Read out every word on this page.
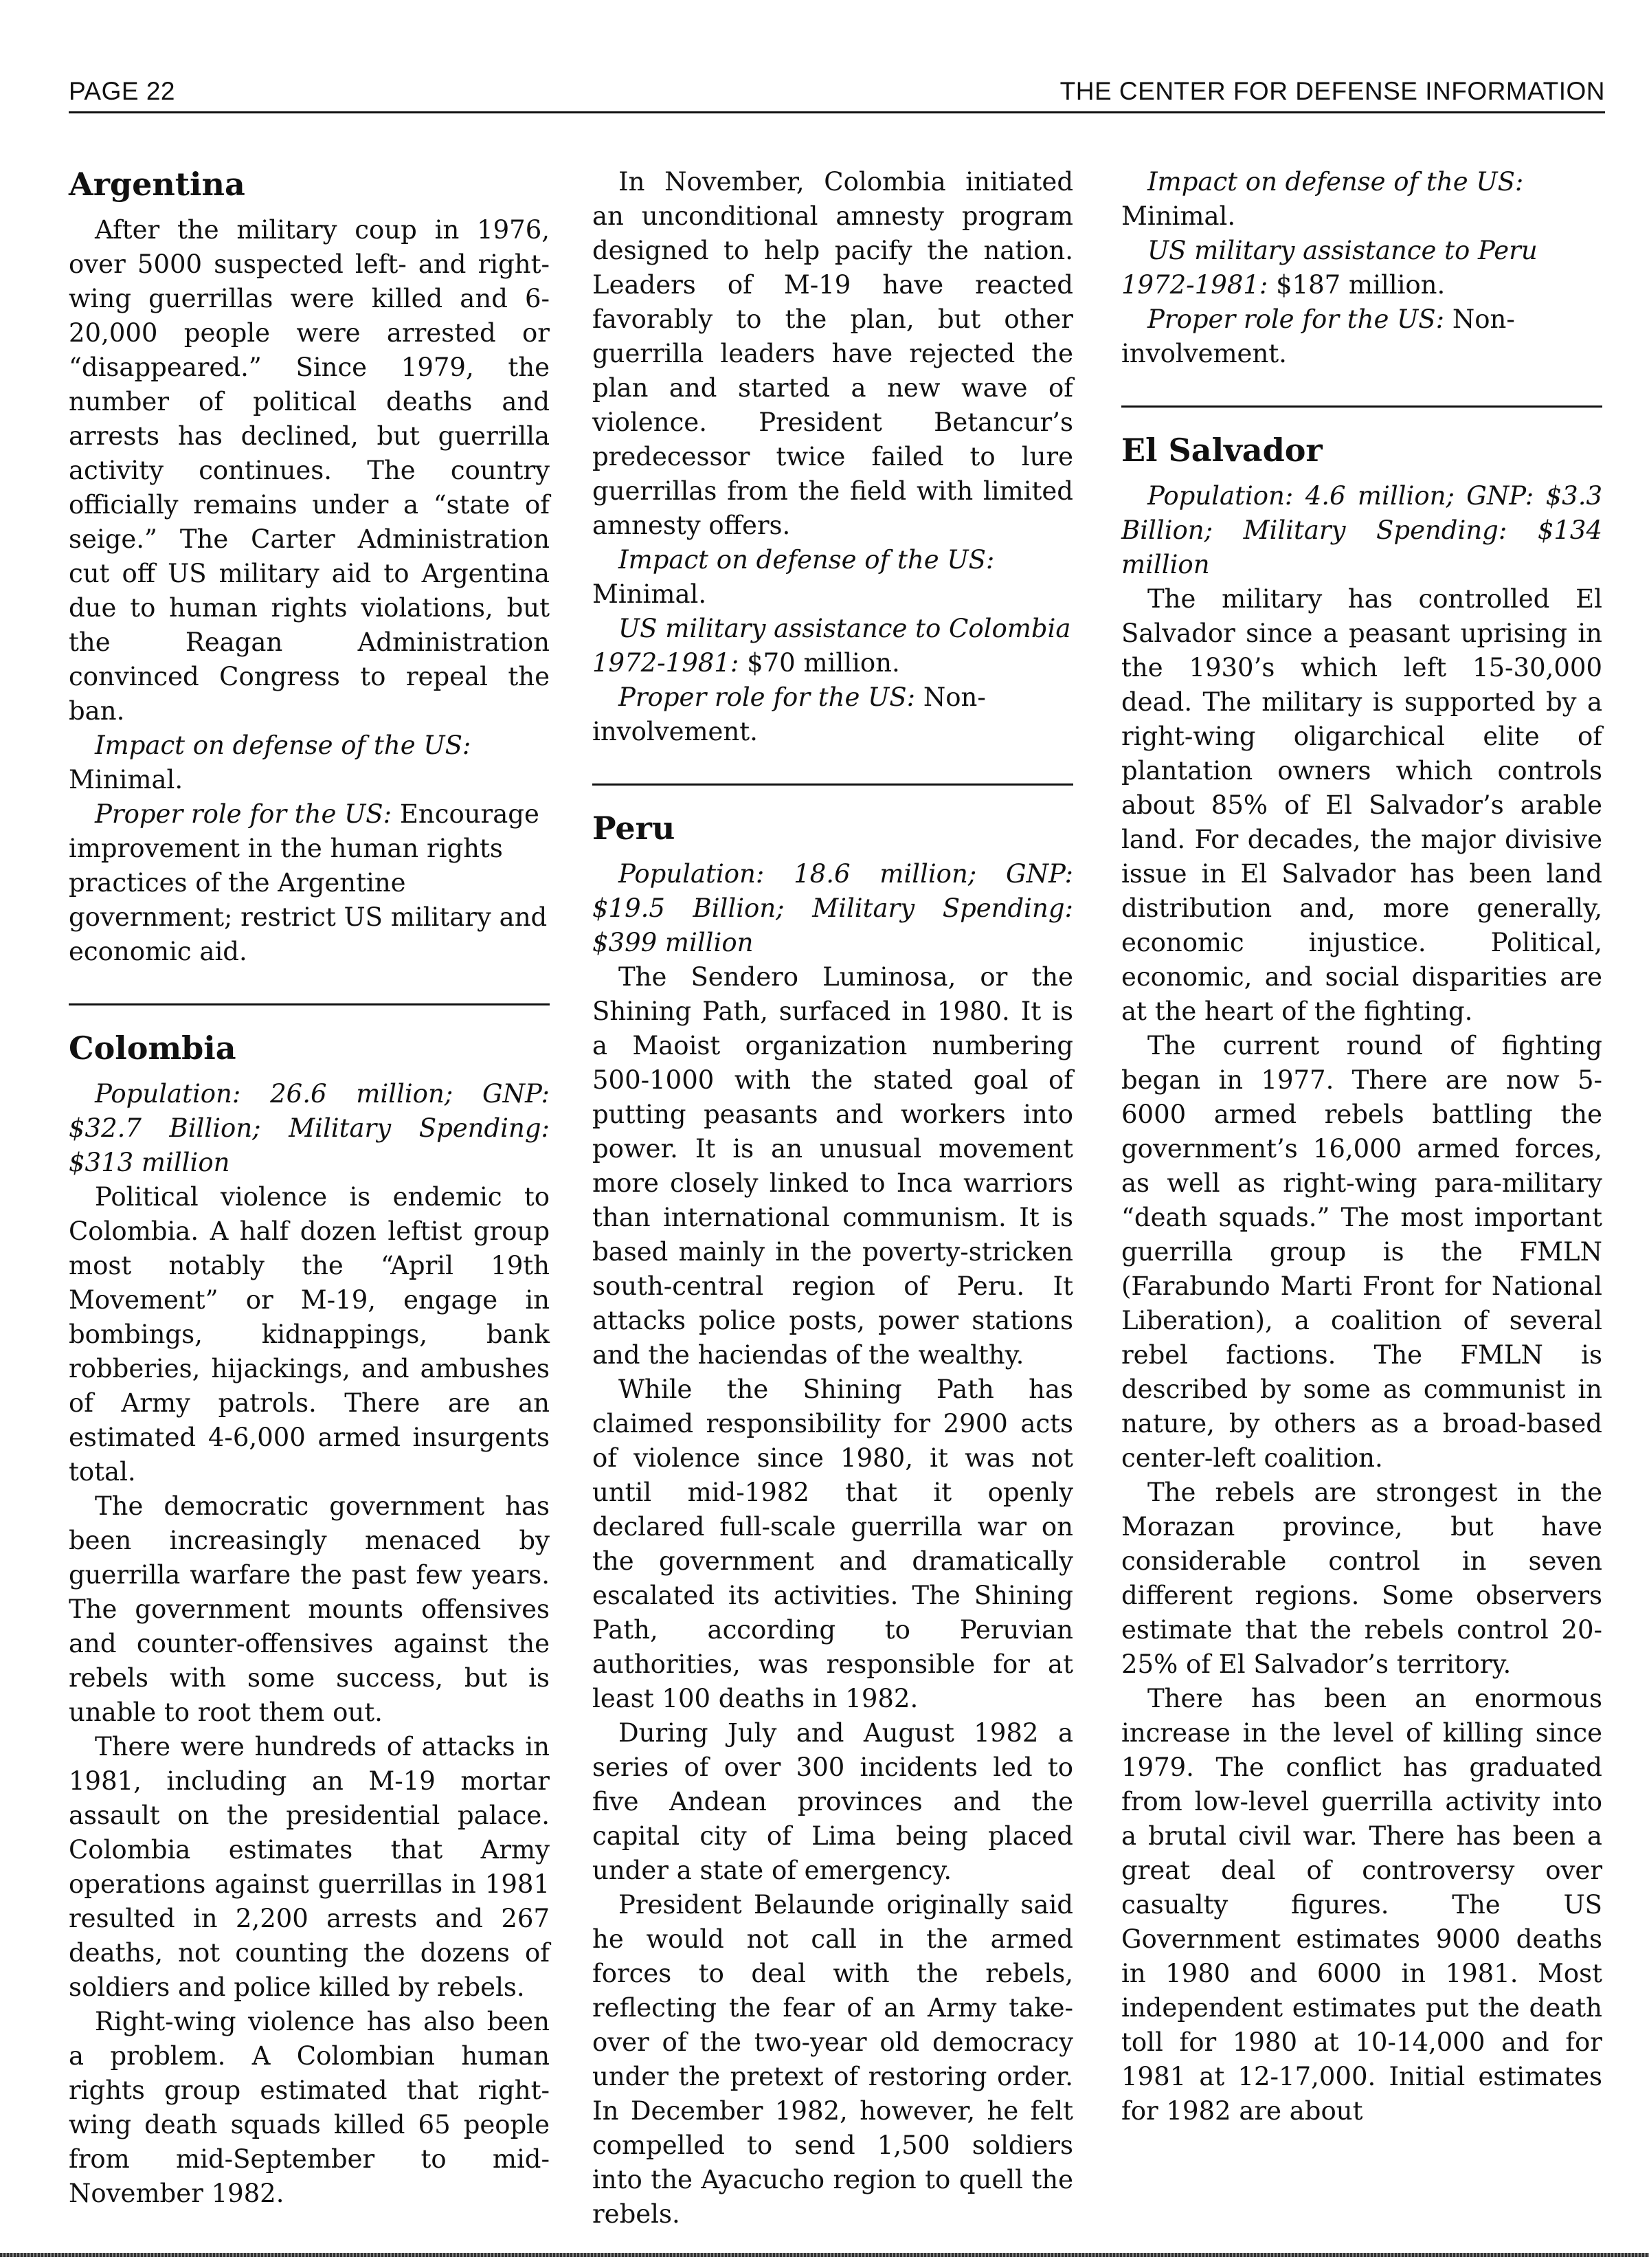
PAGE 22	THE CENTER FOR DEFENSE INFORMATION
Argentina

After the military coup in 1976, over 5000 suspected left- and right-wing guerrillas were killed and 6-20,000 people were arrested or “disappeared.” Since 1979, the number of political deaths and arrests has declined, but guerrilla activity continues. The country officially remains under a “state of seige.” The Carter Administration cut off US military aid to Argentina due to human rights violations, but the Reagan Administration convinced Congress to repeal the ban.

Impact on defense of the US: Minimal.

Proper role for the US: Encourage improvement in the human rights practices of the Argentine government; restrict US military and economic aid.

Colombia

Population: 26.6 million; GNP: $32.7 Billion; Military Spending: $313 million

Political violence is endemic to Colombia. A half dozen leftist group most notably the “April 19th Movement” or M-19, engage in bombings, kidnappings, bank robberies, hijackings, and ambushes of Army patrols. There are an estimated 4-6,000 armed insurgents total.

The democratic government has been increasingly menaced by guerrilla warfare the past few years. The government mounts offensives and counter-offensives against the rebels with some success, but is unable to root them out.

There were hundreds of attacks in 1981, including an M-19 mortar assault on the presidential palace. Colombia estimates that Army operations against guerrillas in 1981 resulted in 2,200 arrests and 267 deaths, not counting the dozens of soldiers and police killed by rebels.

Right-wing violence has also been a problem. A Colombian human rights group estimated that right-wing death squads killed 65 people from mid-September to mid-November 1982.

In November, Colombia initiated an unconditional amnesty program designed to help pacify the nation. Leaders of M-19 have reacted favorably to the plan, but other guerrilla leaders have rejected the plan and started a new wave of violence. President Betancur’s predecessor twice failed to lure guerrillas from the field with limited amnesty offers.

Impact on defense of the US: Minimal.

US military assistance to Colombia 1972-1981: $70 million.

Proper role for the US: Non-involvement.

Peru

Population: 18.6 million; GNP: $19.5 Billion; Military Spending: $399 million

The Sendero Luminosa, or the Shining Path, surfaced in 1980. It is a Maoist organization numbering 500-1000 with the stated goal of putting peasants and workers into power. It is an unusual movement more closely linked to Inca warriors than international communism. It is based mainly in the poverty-stricken south-central region of Peru. It attacks police posts, power stations and the haciendas of the wealthy.

While the Shining Path has claimed responsibility for 2900 acts of violence since 1980, it was not until mid-1982 that it openly declared full-scale guerrilla war on the government and dramatically escalated its activities. The Shining Path, according to Peruvian authorities, was responsible for at least 100 deaths in 1982.

During July and August 1982 a series of over 300 incidents led to five Andean provinces and the capital city of Lima being placed under a state of emergency.

President Belaunde originally said he would not call in the armed forces to deal with the rebels, reflecting the fear of an Army take-over of the two-year old democracy under the pretext of restoring order. In December 1982, however, he felt compelled to send 1,500 soldiers into the Ayacucho region to quell the rebels.

Impact on defense of the US: Minimal.

US military assistance to Peru 1972-1981: $187 million.

Proper role for the US: Non-involvement.

El Salvador

Population: 4.6 million; GNP: $3.3 Billion; Military Spending: $134 million

The military has controlled El Salvador since a peasant uprising in the 1930’s which left 15-30,000 dead. The military is supported by a right-wing oligarchical elite of plantation owners which controls about 85% of El Salvador’s arable land. For decades, the major divisive issue in El Salvador has been land distribution and, more generally, economic injustice. Political, economic, and social disparities are at the heart of the fighting.

The current round of fighting began in 1977. There are now 5-6000 armed rebels battling the government’s 16,000 armed forces, as well as right-wing para-military “death squads.” The most important guerrilla group is the FMLN (Farabundo Marti Front for National Liberation), a coalition of several rebel factions. The FMLN is described by some as communist in nature, by others as a broad-based center-left coalition.

The rebels are strongest in the Morazan province, but have considerable control in seven different regions. Some observers estimate that the rebels control 20-25% of El Salvador’s territory.

There has been an enormous increase in the level of killing since 1979. The conflict has graduated from low-level guerrilla activity into a brutal civil war. There has been a great deal of controversy over casualty figures. The US Government estimates 9000 deaths in 1980 and 6000 in 1981. Most independent estimates put the death toll for 1980 at 10-14,000 and for 1981 at 12-17,000. Initial estimates for 1982 are about
